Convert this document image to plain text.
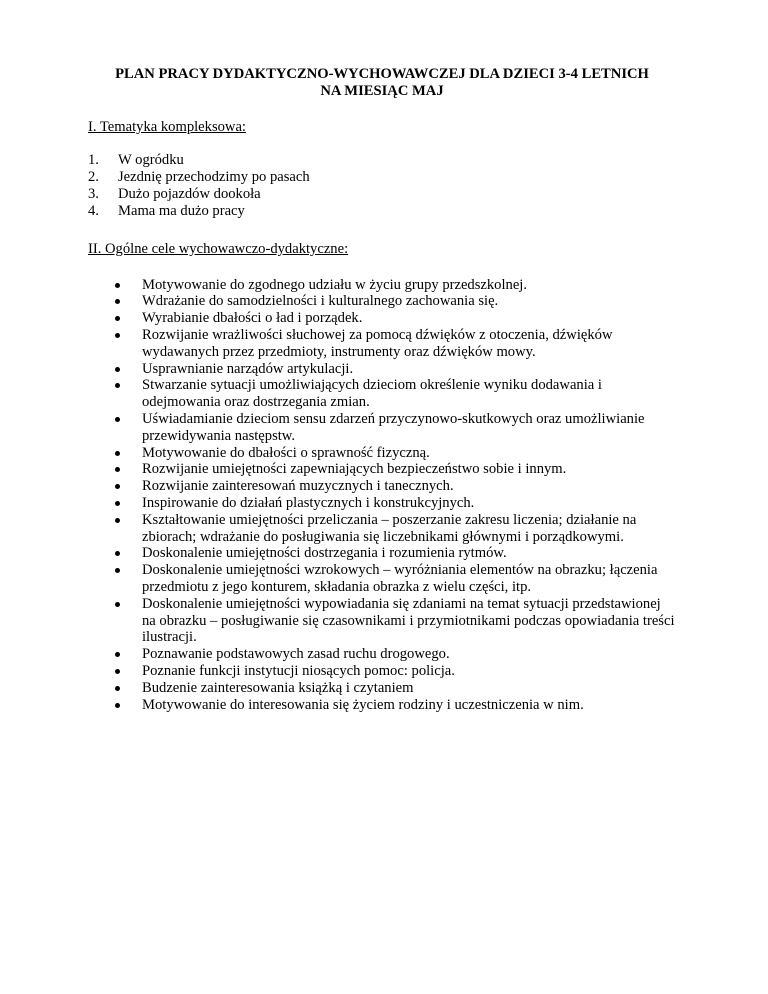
PLAN PRACY DYDAKTYCZNO-WYCHOWAWCZEJ DLA DZIECI 3-4 LETNICH
NA MIESIĄC MAJ

I. Tematyka kompleksowa:

1. W ogródku
2. Jezdnię przechodzimy po pasach
3. Dużo pojazdów dookoła
4. Mama ma dużo pracy

II. Ogólne cele wychowawczo-dydaktyczne:

Motywowanie do zgodnego udziału w życiu grupy przedszkolnej.
Wdrażanie do samodzielności i kulturalnego zachowania się.
Wyrabianie dbałości o ład i porządek.
Rozwijanie wrażliwości słuchowej za pomocą dźwięków z otoczenia, dźwięków wydawanych przez przedmioty, instrumenty oraz dźwięków mowy.
Usprawnianie narządów artykulacji.
Stwarzanie sytuacji umożliwiających dzieciom określenie wyniku dodawania i odejmowania oraz dostrzegania zmian.
Uświadamianie dzieciom sensu zdarzeń przyczynowo-skutkowych oraz umożliwianie przewidywania następstw.
Motywowanie do dbałości o sprawność fizyczną.
Rozwijanie umiejętności zapewniających bezpieczeństwo sobie i innym.
Rozwijanie zainteresowań muzycznych i tanecznych.
Inspirowanie do działań plastycznych i konstrukcyjnych.
Kształtowanie umiejętności przeliczania – poszerzanie zakresu liczenia; działanie na zbiorach; wdrażanie do posługiwania się liczebnikami głównymi i porządkowymi.
Doskonalenie umiejętności dostrzegania i rozumienia rytmów.
Doskonalenie umiejętności wzrokowych – wyróżniania elementów na obrazku; łączenia przedmiotu z jego konturem, składania obrazka z wielu części, itp.
Doskonalenie umiejętności wypowiadania się zdaniami na temat sytuacji przedstawionej na obrazku – posługiwanie się czasownikami i przymiotnikami podczas opowiadania treści ilustracji.
Poznawanie podstawowych zasad ruchu drogowego.
Poznanie funkcji instytucji niosących pomoc: policja.
Budzenie zainteresowania książką i czytaniem
Motywowanie do interesowania się życiem rodziny i uczestniczenia w nim.
